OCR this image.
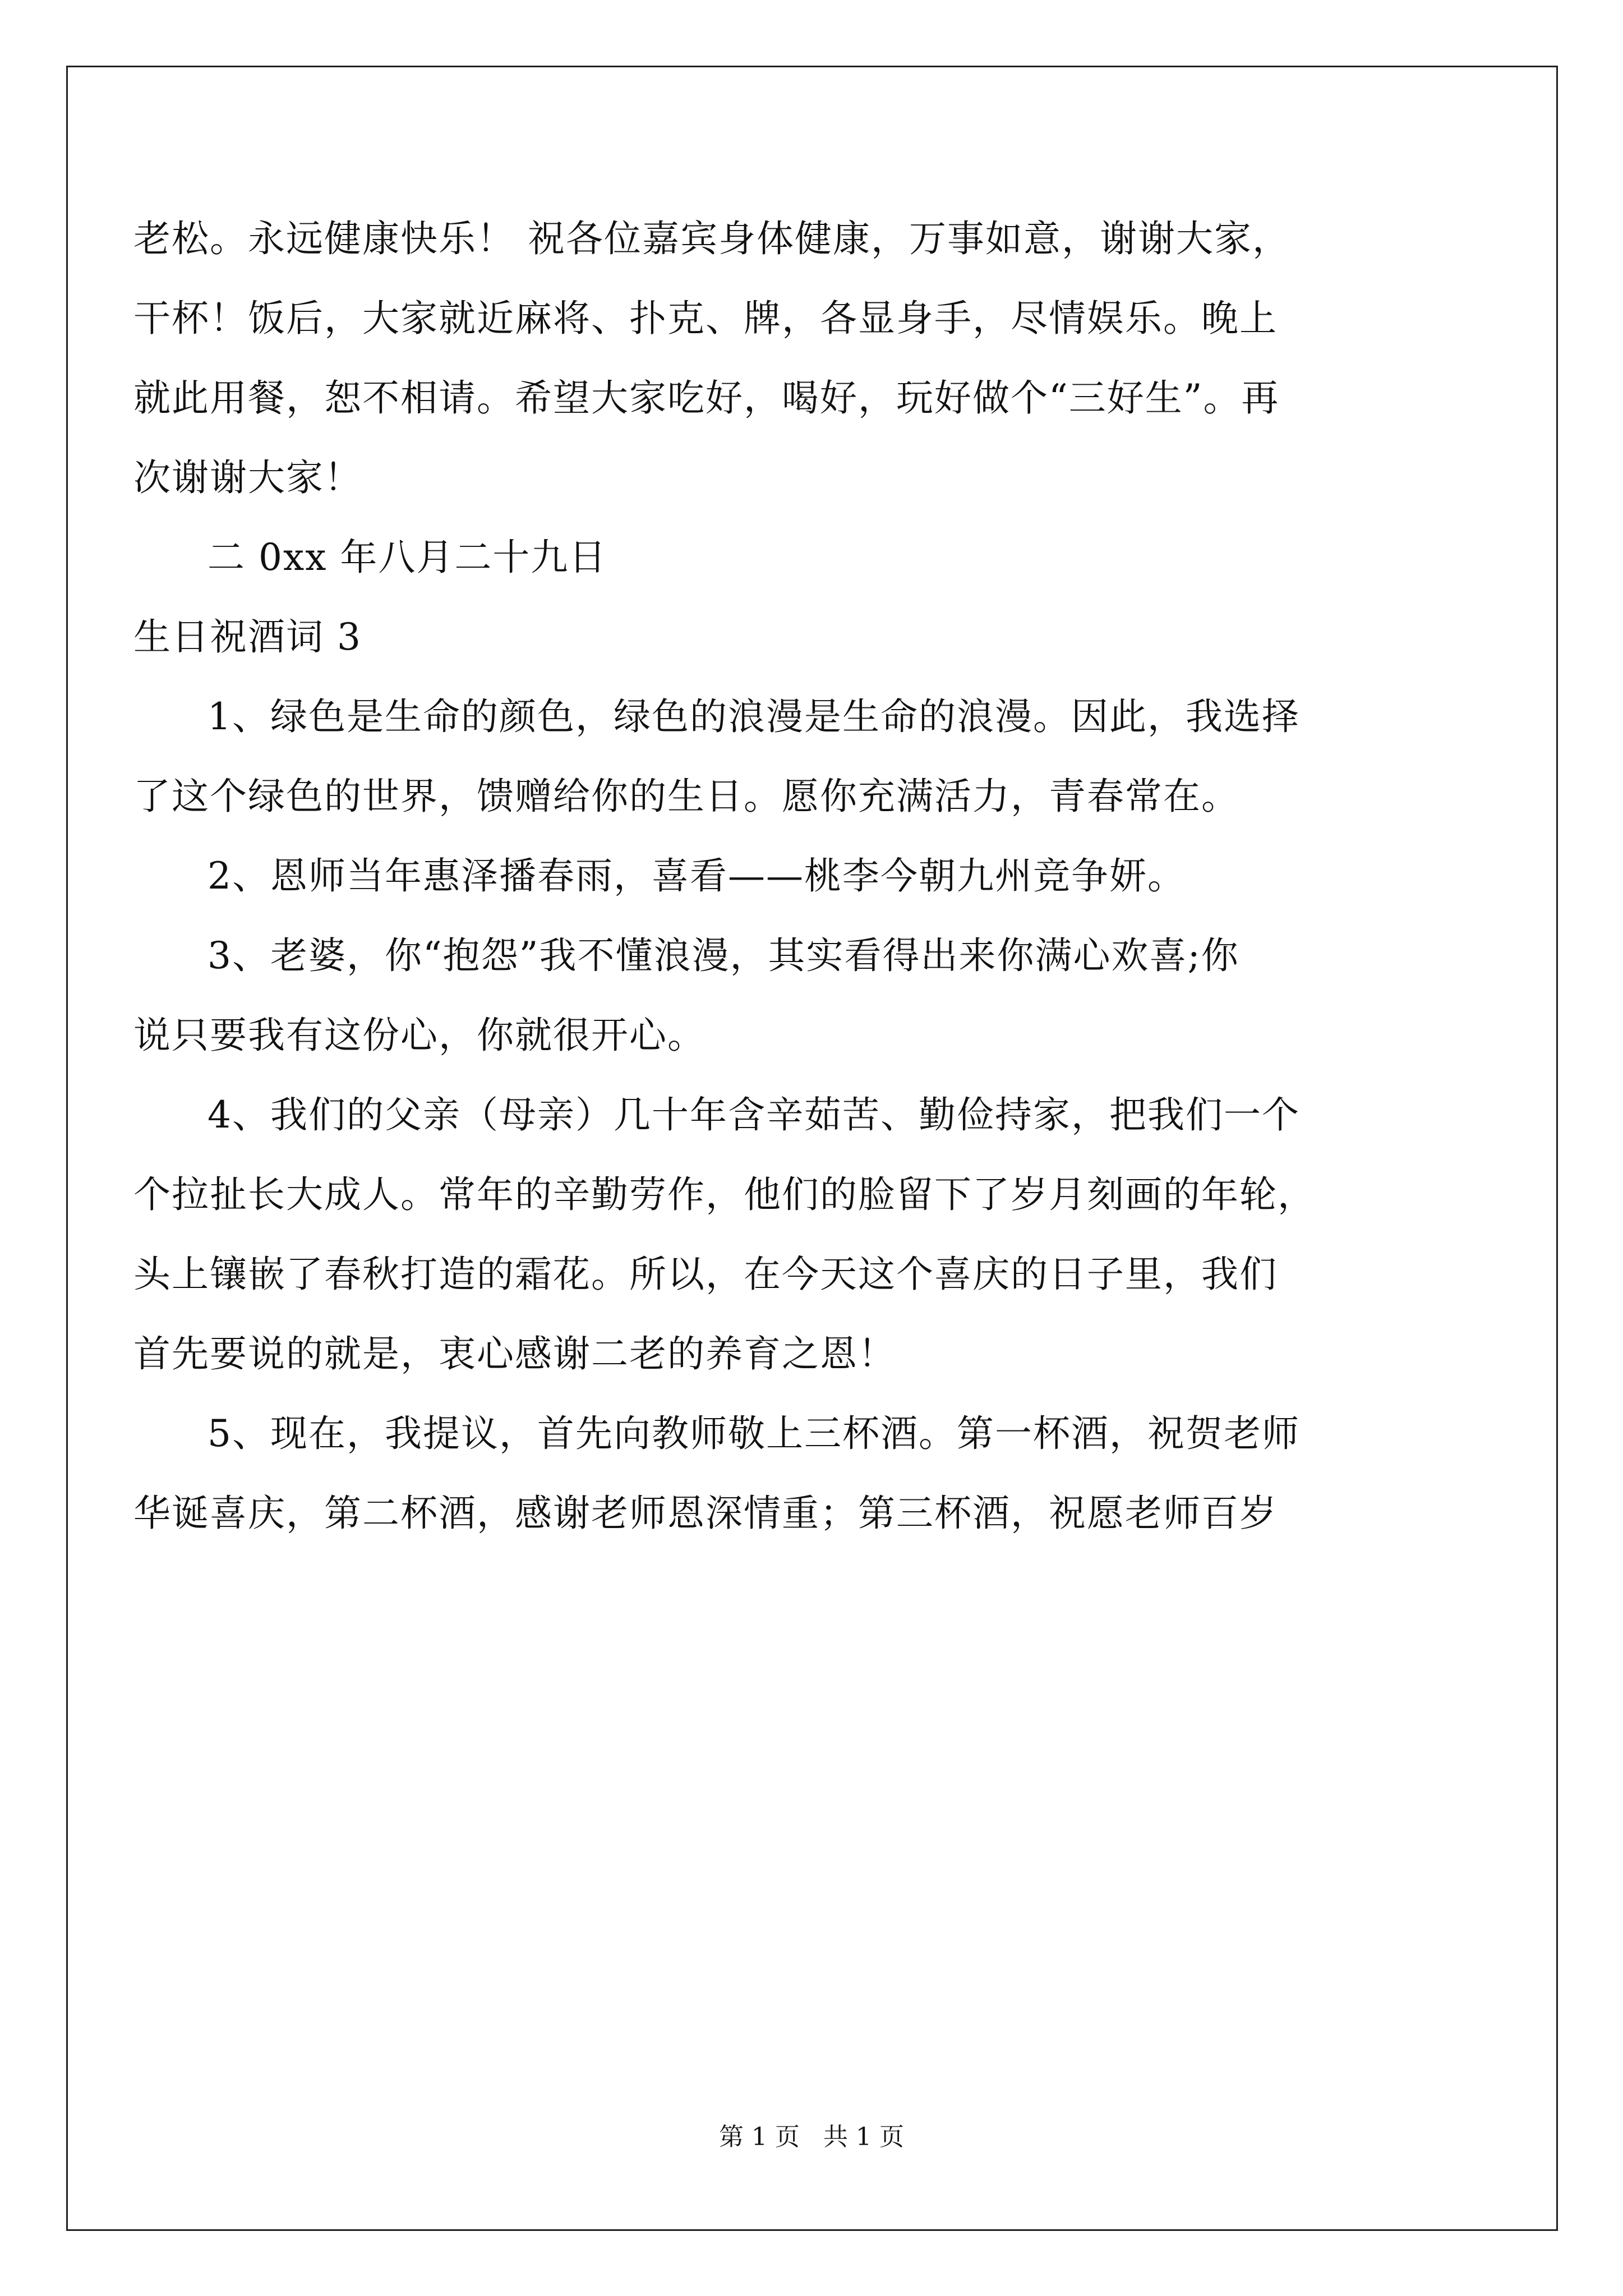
老松。永远健康快乐！ 祝各位嘉宾身体健康，万事如意，谢谢大家，
干杯！饭后，大家就近麻将、扑克、牌，各显身手，尽情娱乐。晚上
就此用餐，恕不相请。希望大家吃好，喝好，玩好做个“三好生”。再
次谢谢大家！
二 0xx 年八月二十九日
生日祝酒词 3
1、绿色是生命的颜色，绿色的浪漫是生命的浪漫。因此，我选择
了这个绿色的世界，馈赠给你的生日。愿你充满活力，青春常在。
2、恩师当年惠泽播春雨，喜看——桃李今朝九州竞争妍。
3、老婆，你“抱怨”我不懂浪漫，其实看得出来你满心欢喜;你
说只要我有这份心，你就很开心。
4、我们的父亲（母亲）几十年含辛茹苦、勤俭持家，把我们一个
个拉扯长大成人。常年的辛勤劳作，他们的脸留下了岁月刻画的年轮，
头上镶嵌了春秋打造的霜花。所以，在今天这个喜庆的日子里，我们
首先要说的就是，衷心感谢二老的养育之恩！
5、现在，我提议，首先向教师敬上三杯酒。第一杯酒，祝贺老师
华诞喜庆，第二杯酒，感谢老师恩深情重；第三杯酒，祝愿老师百岁
第 1 页 共 1 页
